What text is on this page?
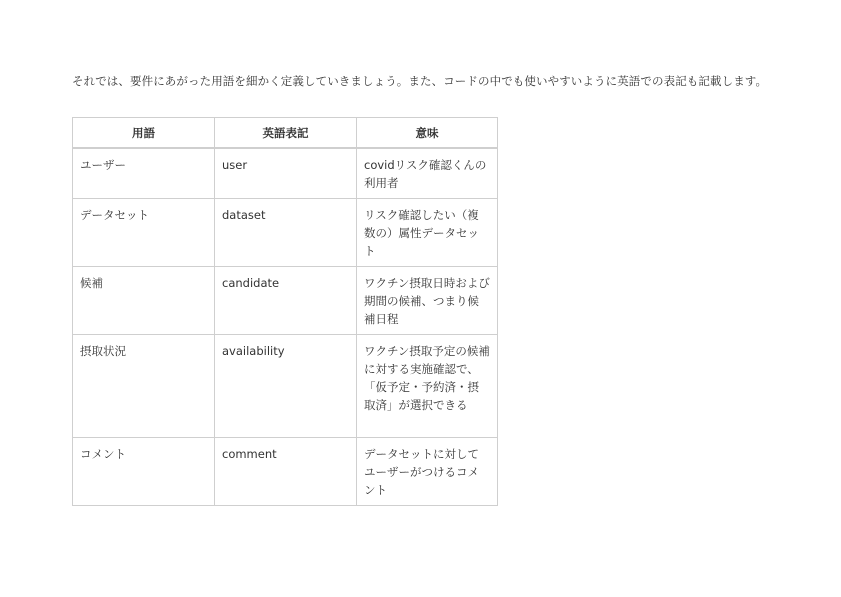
それでは、要件にあがった用語を細かく定義していきましょう。また、コードの中でも使いやすいように英語での表記も記載します。

用語	英語表記	意味
ユーザー	user	covidリスク確認くんの利用者
データセット	dataset	リスク確認したい（複数の）属性データセット
候補	candidate	ワクチン摂取日時および期間の候補、つまり候補日程
摂取状況	availability	ワクチン摂取予定の候補に対する実施確認で、「仮予定・予約済・摂取済」が選択できる
コメント	comment	データセットに対してユーザーがつけるコメント
